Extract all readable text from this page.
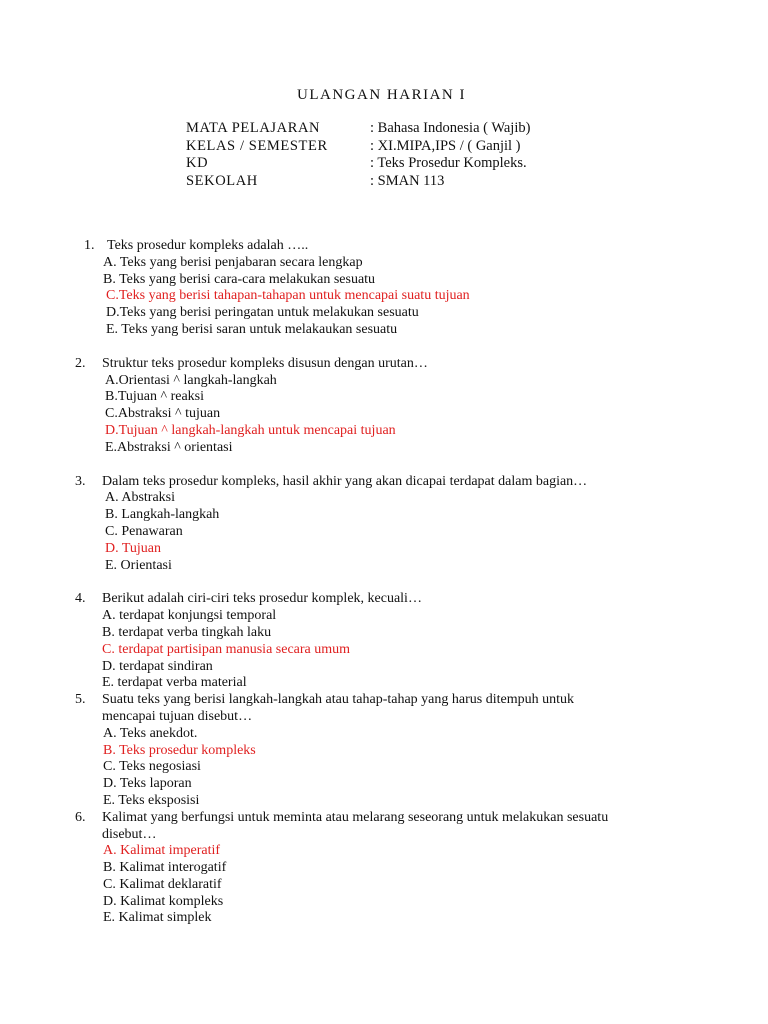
ULANGAN HARIAN I
MATA PELAJARAN	: Bahasa Indonesia ( Wajib)
KELAS / SEMESTER	: XI.MIPA,IPS / ( Ganjil )
KD	: Teks Prosedur Kompleks.
SEKOLAH	: SMAN 113
1. Teks prosedur kompleks adalah …..
A. Teks yang berisi penjabaran secara lengkap
B. Teks yang berisi cara-cara melakukan sesuatu
C.Teks yang berisi tahapan-tahapan untuk mencapai suatu tujuan
D.Teks yang berisi peringatan untuk melakukan sesuatu
E. Teks yang berisi saran untuk melakaukan sesuatu
2. Struktur teks prosedur kompleks disusun dengan urutan…
A.Orientasi ^ langkah-langkah
B.Tujuan ^ reaksi
C.Abstraksi ^ tujuan
D.Tujuan ^ langkah-langkah untuk mencapai tujuan
E.Abstraksi ^ orientasi
3. Dalam teks prosedur kompleks, hasil akhir yang akan dicapai terdapat dalam bagian…
A. Abstraksi
B. Langkah-langkah
C. Penawaran
D. Tujuan
E. Orientasi
4. Berikut adalah ciri-ciri teks prosedur komplek, kecuali…
A. terdapat konjungsi temporal
B. terdapat verba tingkah laku
C. terdapat partisipan manusia secara umum
D. terdapat sindiran
E. terdapat verba material
5. Suatu teks yang berisi langkah-langkah atau tahap-tahap yang harus ditempuh untuk
mencapai tujuan disebut…
A. Teks anekdot.
B. Teks prosedur kompleks
C. Teks negosiasi
D. Teks laporan
E. Teks eksposisi
6. Kalimat yang berfungsi untuk meminta atau melarang seseorang untuk melakukan sesuatu
disebut…
A. Kalimat imperatif
B. Kalimat interogatif
C. Kalimat deklaratif
D. Kalimat kompleks
E. Kalimat simplek
